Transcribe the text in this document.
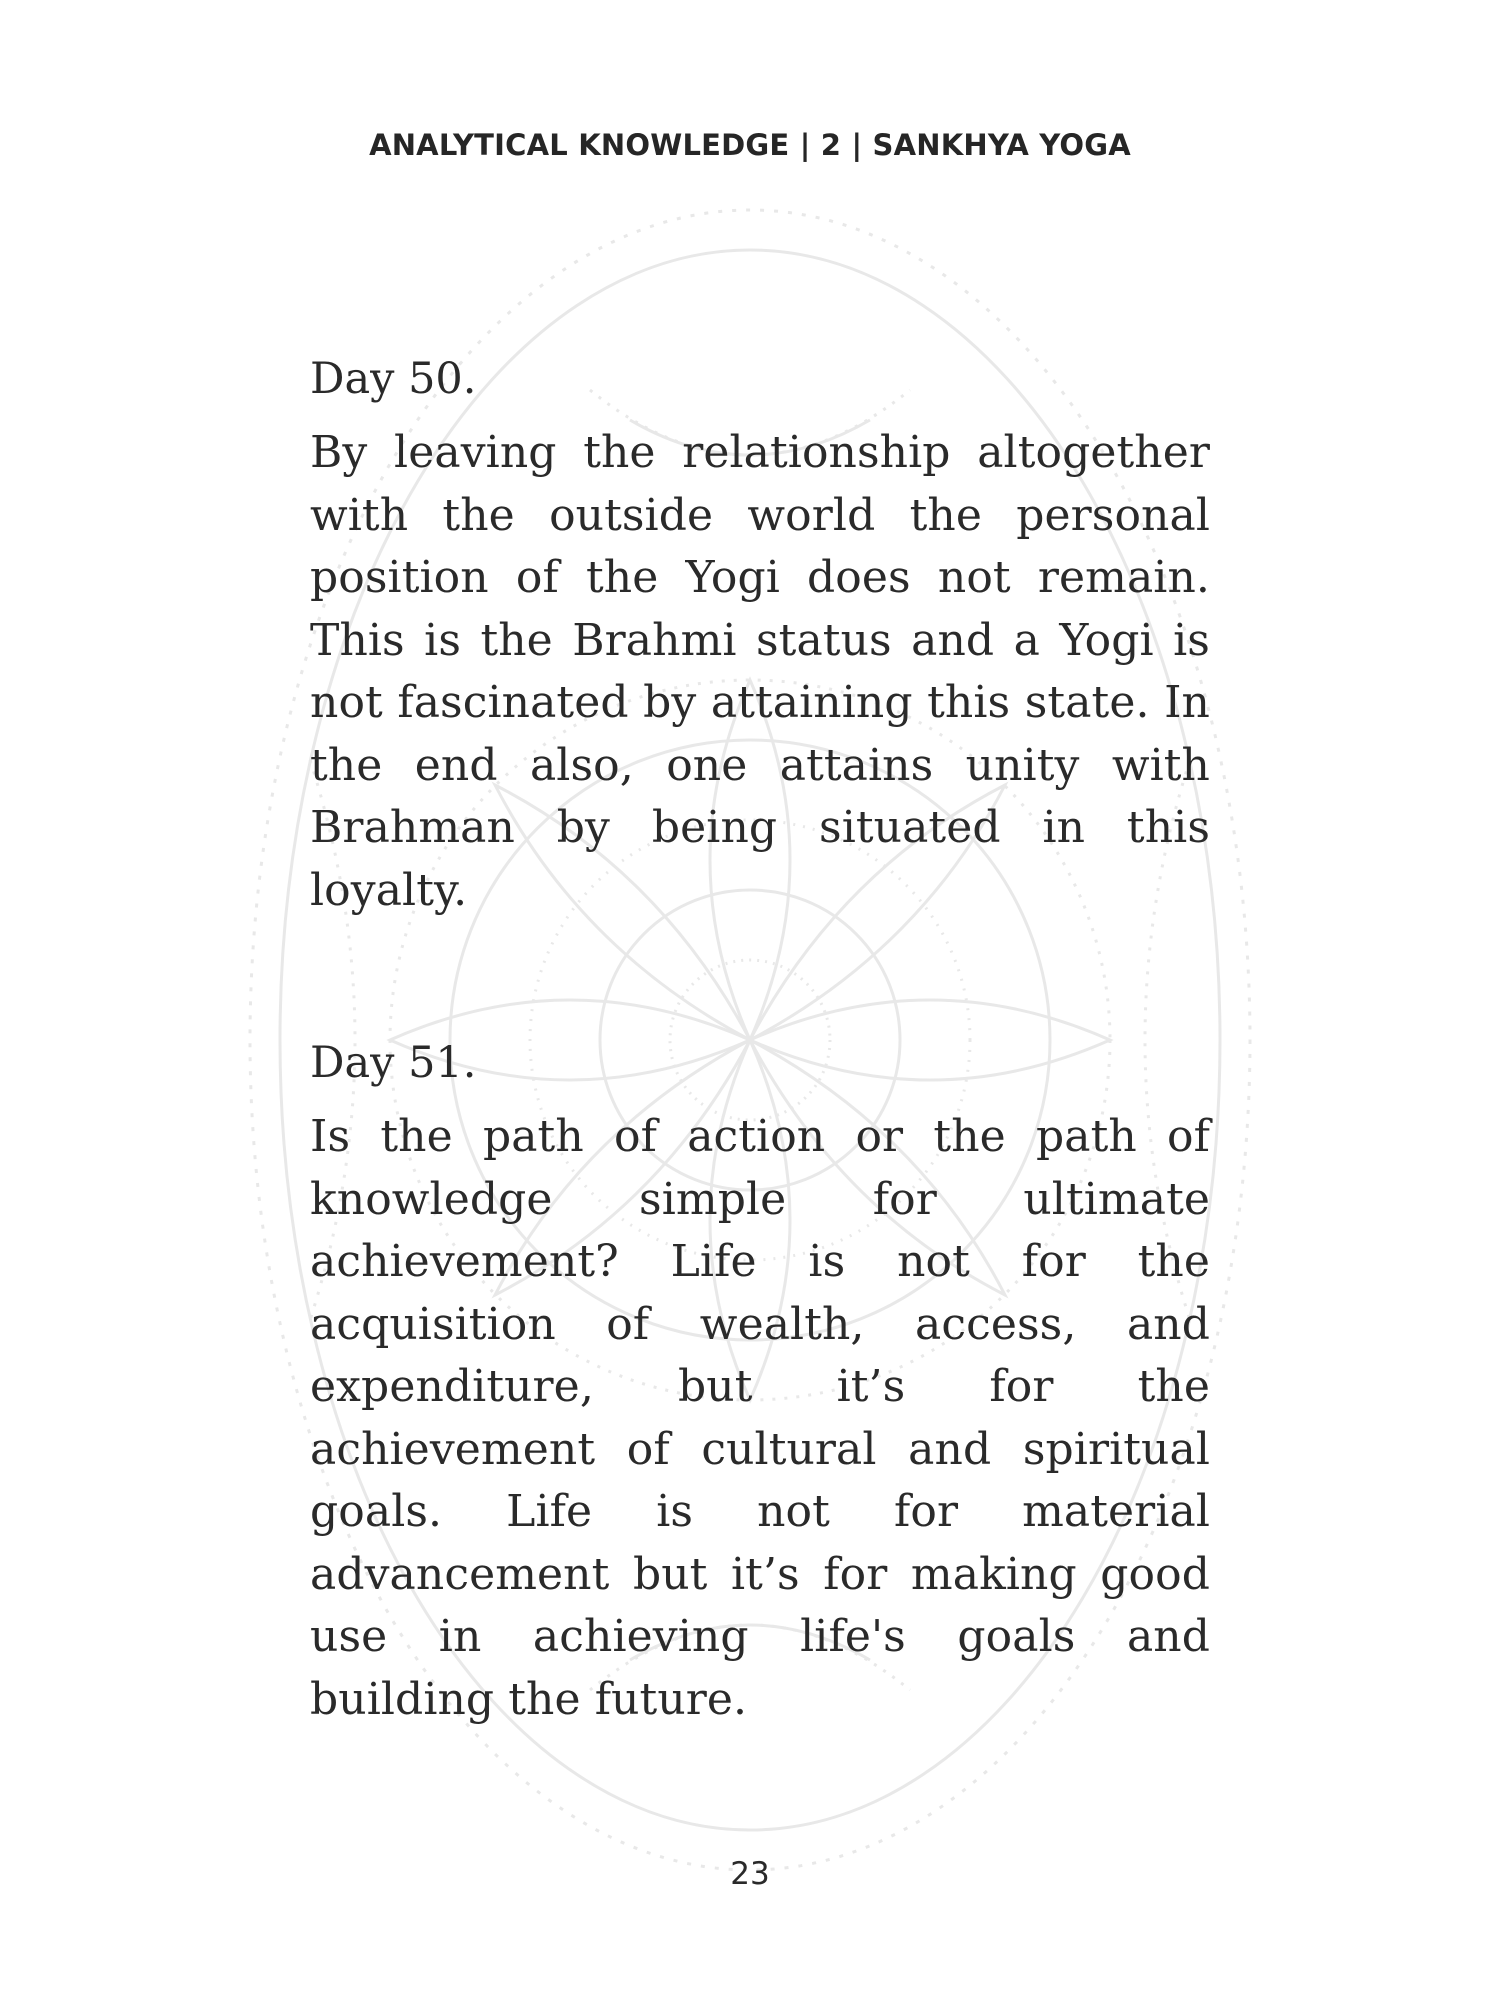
ANALYTICAL KNOWLEDGE | 2 | SANKHYA YOGA
Day 50.

By leaving the relationship altogether with the outside world the personal position of the Yogi does not remain. This is the Brahmi status and a Yogi is not fascinated by attaining this state. In the end also, one attains unity with Brahman by being situated in this loyalty.

Day 51.

Is the path of action or the path of knowledge simple for ultimate achievement? Life is not for the acquisition of wealth, access, and expenditure, but it’s for the achievement of cultural and spiritual goals. Life is not for material advancement but it’s for making good use in achieving life's goals and building the future.

23
